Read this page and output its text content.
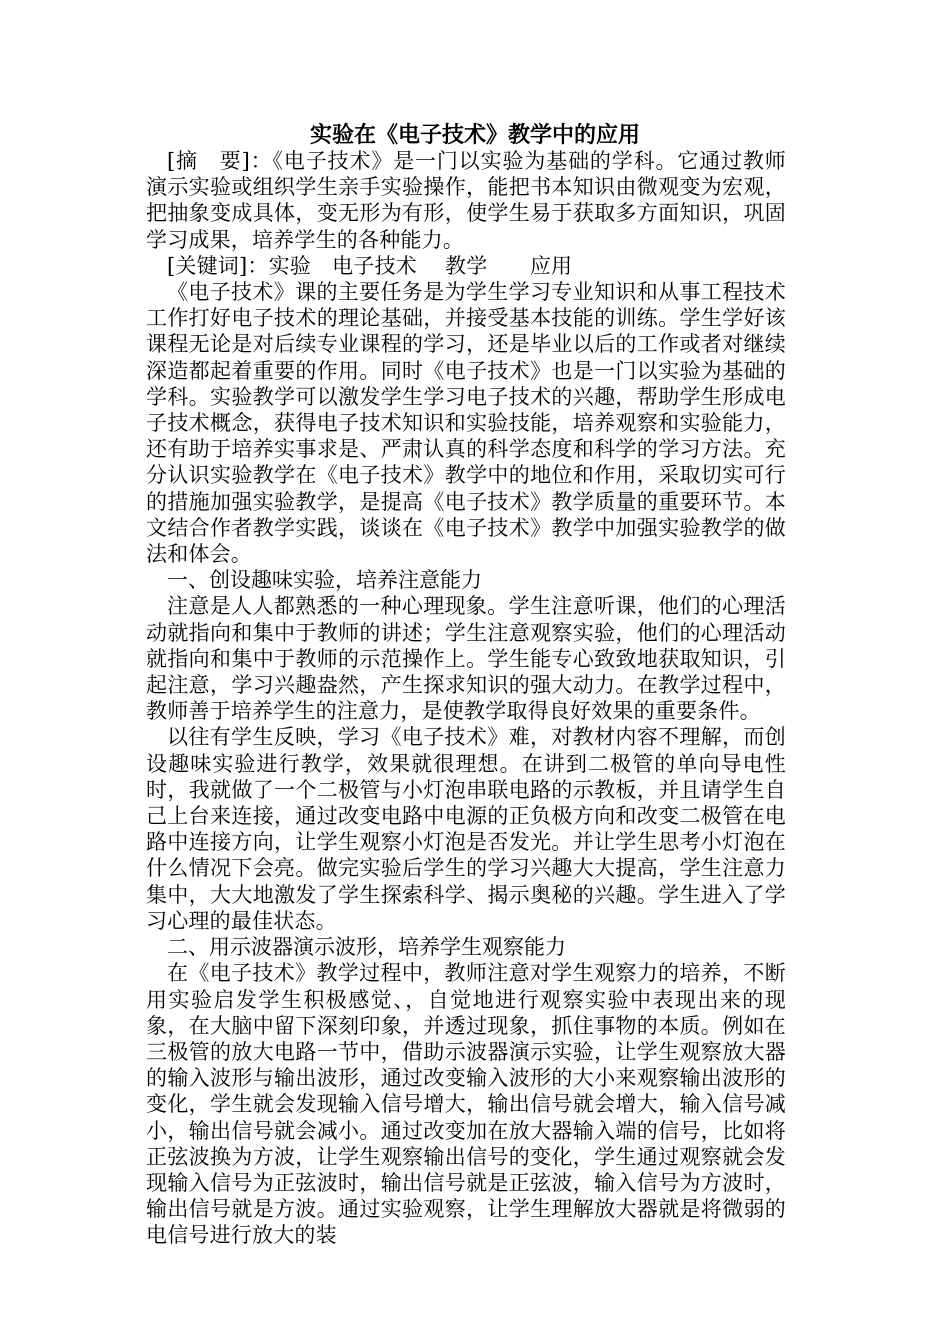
实验在《电子技术》教学中的应用

[摘　要]：《电子技术》是一门以实验为基础的学科。它通过教师演示实验或组织学生亲手实验操作，能把书本知识由微观变为宏观，把抽象变成具体，变无形为有形，使学生易于获取多方面知识，巩固学习成果，培养学生的各种能力。

[关键词]：实验　电子技术　 教学　　应用

《电子技术》课的主要任务是为学生学习专业知识和从事工程技术工作打好电子技术的理论基础，并接受基本技能的训练。学生学好该课程无论是对后续专业课程的学习，还是毕业以后的工作或者对继续深造都起着重要的作用。同时《电子技术》也是一门以实验为基础的学科。实验教学可以激发学生学习电子技术的兴趣，帮助学生形成电子技术概念，获得电子技术知识和实验技能，培养观察和实验能力，还有助于培养实事求是、严肃认真的科学态度和科学的学习方法。充分认识实验教学在《电子技术》教学中的地位和作用，采取切实可行的措施加强实验教学，是提高《电子技术》教学质量的重要环节。本文结合作者教学实践，谈谈在《电子技术》教学中加强实验教学的做法和体会。

一、创设趣味实验，培养注意能力

注意是人人都熟悉的一种心理现象。学生注意听课，他们的心理活动就指向和集中于教师的讲述；学生注意观察实验，他们的心理活动就指向和集中于教师的示范操作上。学生能专心致致地获取知识，引起注意，学习兴趣盎然，产生探求知识的强大动力。在教学过程中，教师善于培养学生的注意力，是使教学取得良好效果的重要条件。

以往有学生反映，学习《电子技术》难，对教材内容不理解，而创设趣味实验进行教学，效果就很理想。在讲到二极管的单向导电性时，我就做了一个二极管与小灯泡串联电路的示教板，并且请学生自己上台来连接，通过改变电路中电源的正负极方向和改变二极管在电路中连接方向，让学生观察小灯泡是否发光。并让学生思考小灯泡在什么情况下会亮。做完实验后学生的学习兴趣大大提高，学生注意力集中，大大地激发了学生探索科学、揭示奥秘的兴趣。学生进入了学习心理的最佳状态。

二、用示波器演示波形，培养学生观察能力

在《电子技术》教学过程中，教师注意对学生观察力的培养，不断用实验启发学生积极感觉、，自觉地进行观察实验中表现出来的现象，在大脑中留下深刻印象，并透过现象，抓住事物的本质。例如在三极管的放大电路一节中，借助示波器演示实验，让学生观察放大器的输入波形与输出波形，通过改变输入波形的大小来观察输出波形的变化，学生就会发现输入信号增大，输出信号就会增大，输入信号减小，输出信号就会减小。通过改变加在放大器输入端的信号，比如将正弦波换为方波，让学生观察输出信号的变化，学生通过观察就会发现输入信号为正弦波时，输出信号就是正弦波，输入信号为方波时，输出信号就是方波。通过实验观察，让学生理解放大器就是将微弱的电信号进行放大的装
